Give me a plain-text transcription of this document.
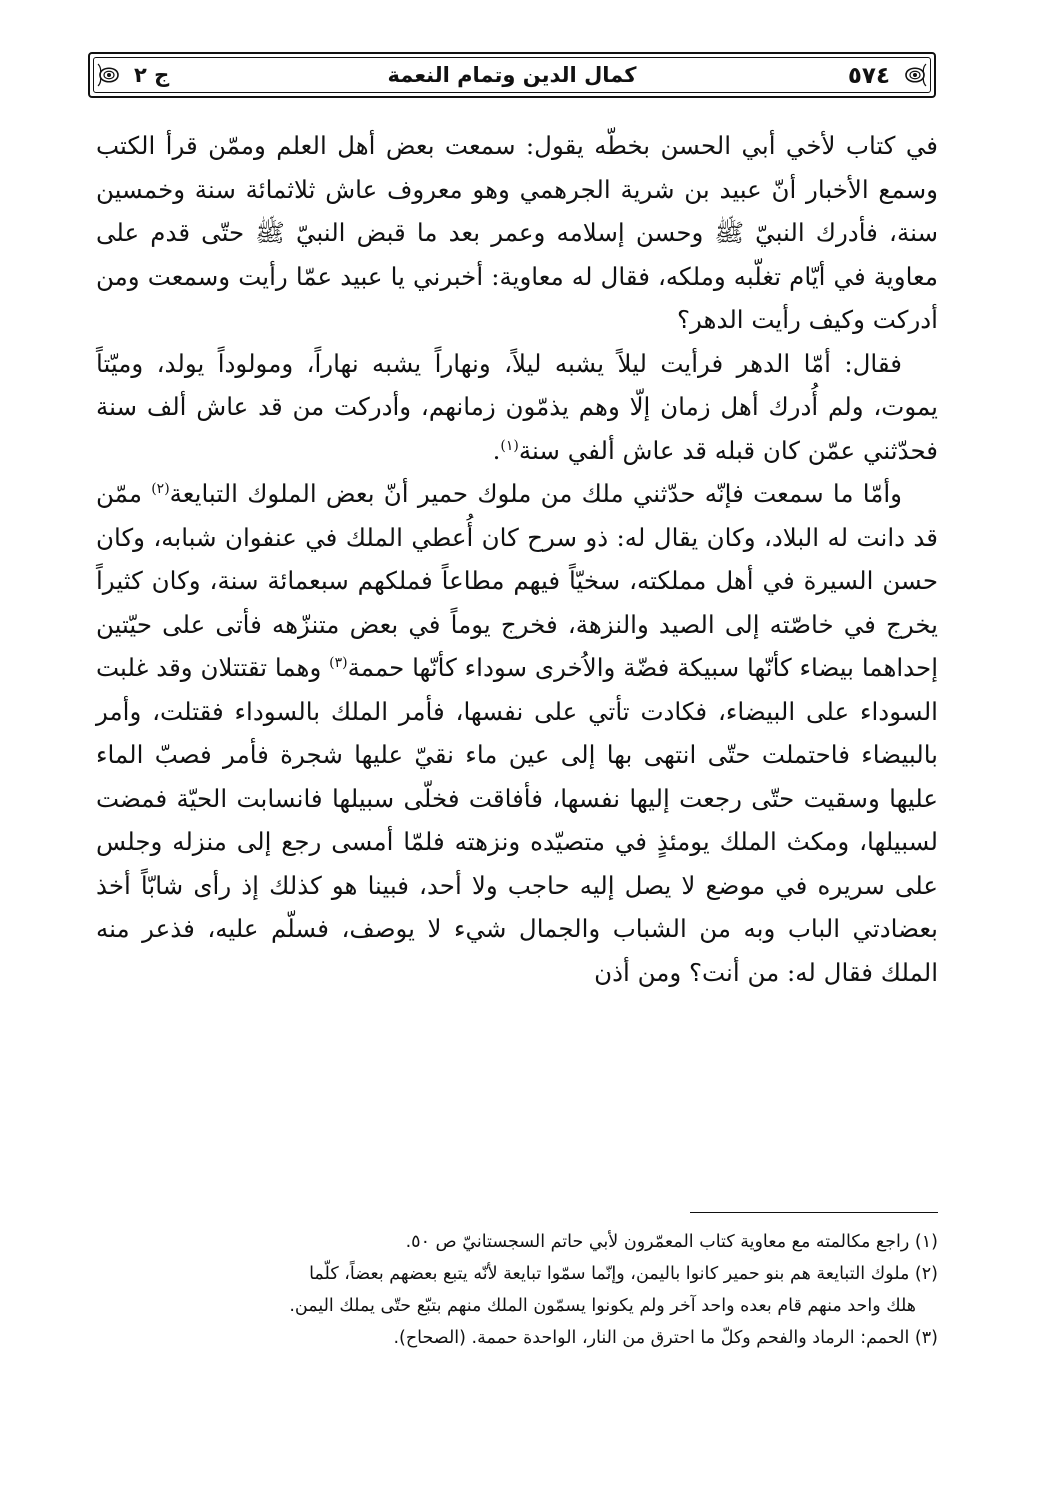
ج ٢	كمال الدين وتمام النعمة	٥٧٤

في كتاب لأخي أبي الحسن بخطّه يقول: سمعت بعض أهل العلم وممّن قرأ الكتب وسمع الأخبار أنّ عبيد بن شرية الجرهمي وهو معروف عاش ثلاثمائة سنة وخمسين سنة، فأدرك النبيّ ﷺ وحسن إسلامه وعمر بعد ما قبض النبيّ ﷺ حتّى قدم على معاوية في أيّام تغلّبه وملكه، فقال له معاوية: أخبرني يا عبيد عمّا رأيت وسمعت ومن أدركت وكيف رأيت الدهر؟

فقال: أمّا الدهر فرأيت ليلاً يشبه ليلاً، ونهاراً يشبه نهاراً، ومولوداً يولد، وميّتاً يموت، ولم أُدرك أهل زمان إلّا وهم يذمّون زمانهم، وأدركت من قد عاش ألف سنة فحدّثني عمّن كان قبله قد عاش ألفي سنة$^{(١)}$.

وأمّا ما سمعت فإنّه حدّثني ملك من ملوك حمير أنّ بعض الملوك التبايعة$^{(٢)}$ ممّن قد دانت له البلاد، وكان يقال له: ذو سرح كان أُعطي الملك في عنفوان شبابه، وكان حسن السيرة في أهل مملكته، سخيّاً فيهم مطاعاً فملكهم سبعمائة سنة، وكان كثيراً يخرج في خاصّته إلى الصيد والنزهة، فخرج يوماً في بعض متنزّهه فأتى على حيّتين إحداهما بيضاء كأنّها سبيكة فضّة والاُخرى سوداء كأنّها حممة$^{(٣)}$ وهما تقتتلان وقد غلبت السوداء على البيضاء، فكادت تأتي على نفسها، فأمر الملك بالسوداء فقتلت، وأمر بالبيضاء فاحتملت حتّى انتهى بها إلى عين ماء نقيّ عليها شجرة فأمر فصبّ الماء عليها وسقيت حتّى رجعت إليها نفسها، فأفاقت فخلّى سبيلها فانسابت الحيّة فمضت لسبيلها، ومكث الملك يومئذٍ في متصيّده ونزهته فلمّا أمسى رجع إلى منزله وجلس على سريره في موضع لا يصل إليه حاجب ولا أحد، فبينا هو كذلك إذ رأى شابّاً أخذ بعضادتي الباب وبه من الشباب والجمال شيء لا يوصف، فسلّم عليه، فذعر منه الملك فقال له: من أنت؟ ومن أذن

(١) راجع مكالمته مع معاوية كتاب المعمّرون لأبي حاتم السجستانيّ ص ٥٠.

(٢) ملوك التبايعة هم بنو حمير كانوا باليمن، وإنّما سمّوا تبايعة لأنّه يتبع بعضهم بعضاً، كلّما

هلك واحد منهم قام بعده واحد آخر ولم يكونوا يسمّون الملك منهم بتبّع حتّى يملك اليمن.

(٣) الحمم: الرماد والفحم وكلّ ما احترق من النار، الواحدة حممة. (الصحاح).
